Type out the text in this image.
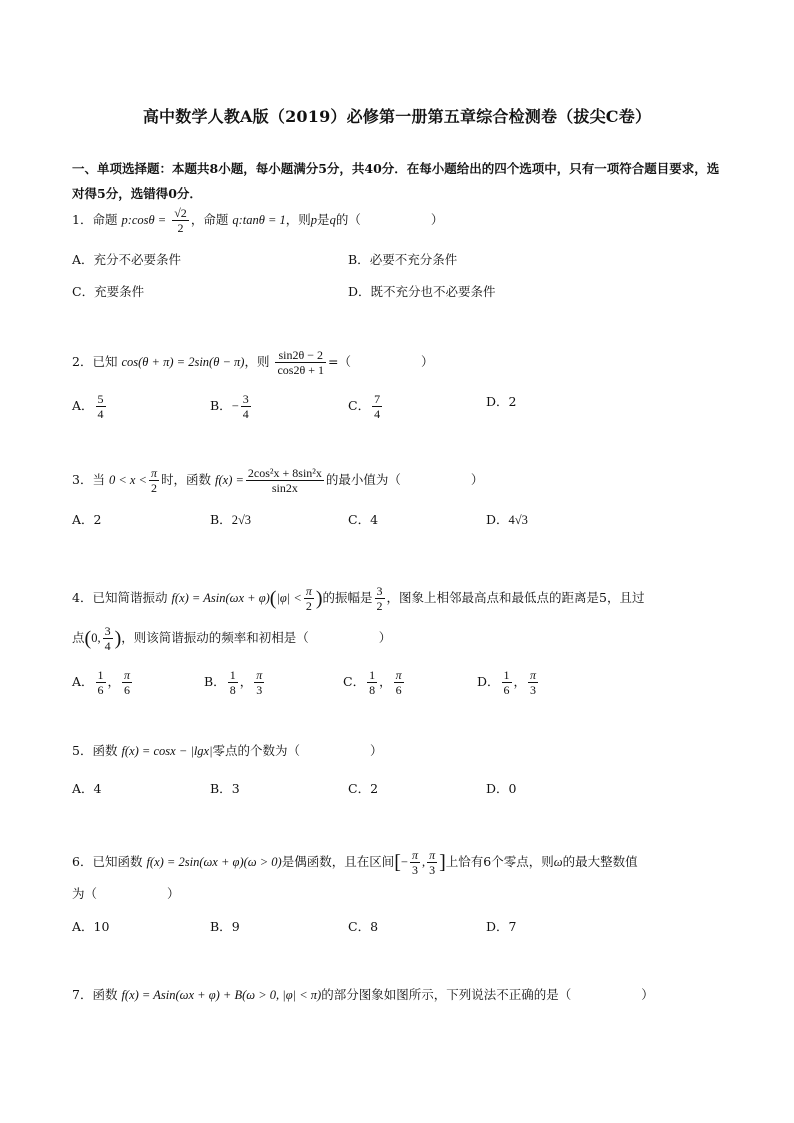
高中数学人教A版（2019）必修第一册第五章综合检测卷（拔尖C卷）
一、单项选择题：本题共8小题，每小题满分5分，共40分．在每小题给出的四个选项中，只有一项符合题目要求，选对得5分，选错得0分．
1．命题 p:cosθ = $\frac{√2}{2}$ ，命题 q:tanθ = 1，则p是q的（	）
A．充分不必要条件	B．必要不充分条件
C．充要条件	D．既不充分也不必要条件
2．已知 cos(θ + π) = 2sin(θ − π)，则 $\frac{\sin 2\theta - 2}{\cos 2\theta + 1}$ =（	）
A． $\frac{5}{4}$	B．− $\frac{3}{4}$	C． $\frac{7}{4}$	D．2
3．当 $0 < x < \frac{\pi}{2}$ 时，函数 $f(x) = \frac{\text{2cos²x + 8sin²x}}{\sin 2x}$ 的最小值为（	）
A．2	B．2√3	C．4	D．4√3
4．已知简谐振动 $f(x) = Asin(\omega x + \varphi)(|\varphi| < \frac{\pi}{2}$ )的振幅是 $\frac{3}{2}$ ，图象上相邻最高点和最低点的距离是5，且过
点(0, $\frac{3}{4}$ )，则该简谐振动的频率和初相是（	）
A． $\frac{1}{6}$ ， $\frac{\pi}{6}$	B． $\frac{1}{8}$ ， $\frac{\pi}{3}$	C． $\frac{1}{8}$ ， $\frac{\pi}{6}$	D． $\frac{1}{6}$ ， $\frac{\pi}{3}$
5．函数 f(x) = cosx − |lgx|零点的个数为（	）
A．4	B．3	C．2	D．0
6．已知函数 f(x) = 2sin(ωx + φ)(ω > 0)是偶函数，且在区间[− $\frac{\pi}{3}$ , $\frac{\pi}{3}$ ]上恰有6个零点，则ω的最大整数值
为（	）
A．10	B．9	C．8	D．7
7．函数 f(x) = Asin(ωx + φ) + B(ω > 0, |φ| < π)的部分图象如图所示，下列说法不正确的是（	）
